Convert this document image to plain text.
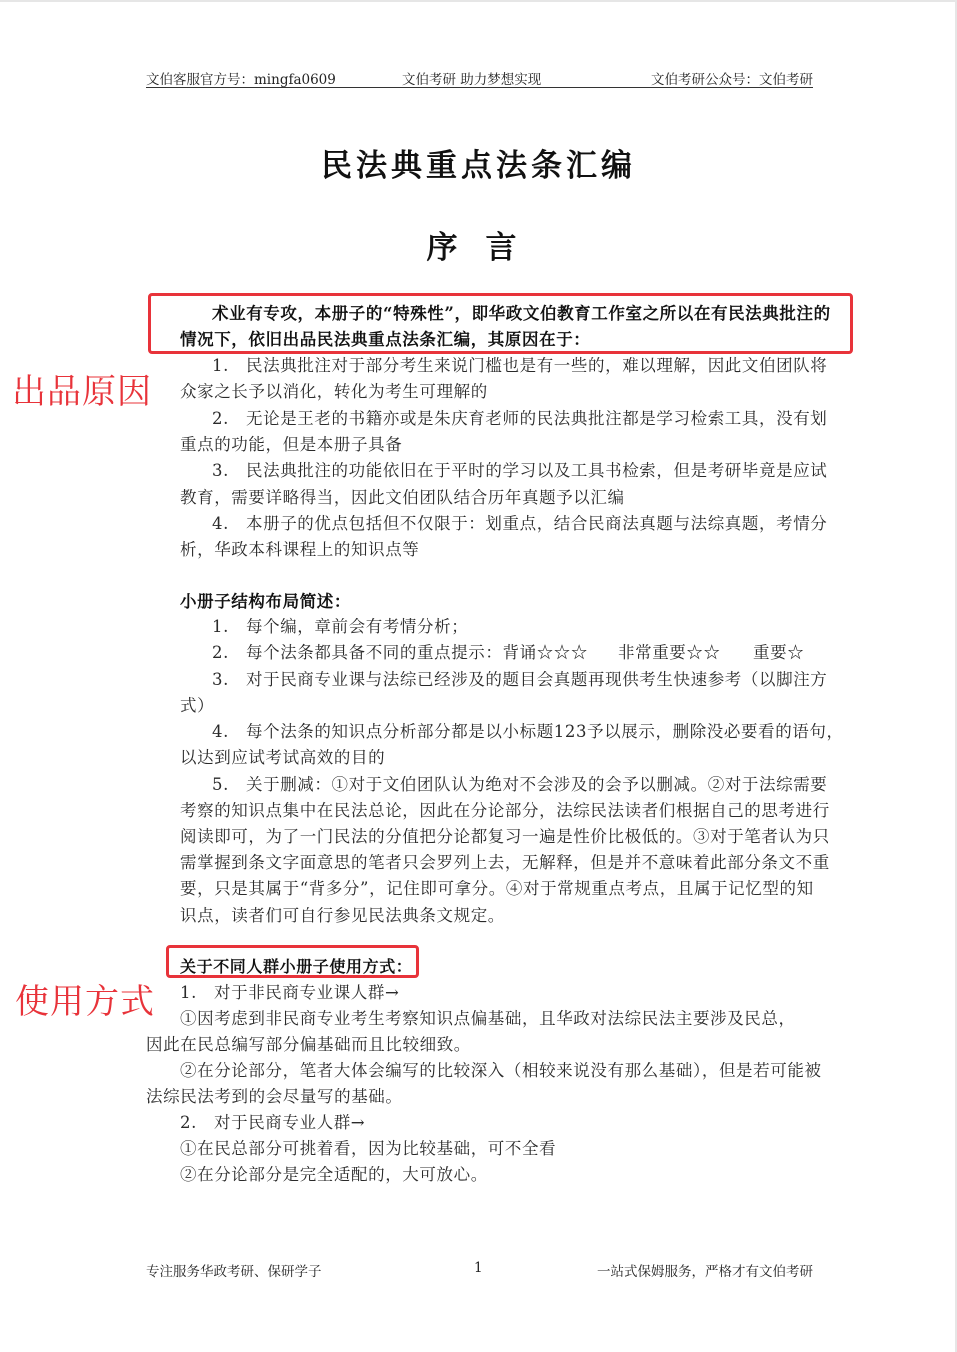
文伯客服官方号：mingfa0609	文伯考研 助力梦想实现	文伯考研公众号：文伯考研
民法典重点法条汇编
序言
术业有专攻，本册子的“特殊性”，即华政文伯教育工作室之所以在有民法典批注的
情况下，依旧出品民法典重点法条汇编，其原因在于：
1. 民法典批注对于部分考生来说门槛也是有一些的，难以理解，因此文伯团队将
众家之长予以消化，转化为考生可理解的
2. 无论是王老的书籍亦或是朱庆育老师的民法典批注都是学习检索工具，没有划
重点的功能，但是本册子具备
3. 民法典批注的功能依旧在于平时的学习以及工具书检索，但是考研毕竟是应试
教育，需要详略得当，因此文伯团队结合历年真题予以汇编
4. 本册子的优点包括但不仅限于：划重点，结合民商法真题与法综真题，考情分
析，华政本科课程上的知识点等
小册子结构布局简述：
1. 每个编，章前会有考情分析；
2. 每个法条都具备不同的重点提示：背诵☆☆☆ 非常重要☆☆ 重要☆
3. 对于民商专业课与法综已经涉及的题目会真题再现供考生快速参考（以脚注方
式）
4. 每个法条的知识点分析部分都是以小标题123予以展示，删除没必要看的语句，
以达到应试考试高效的目的
5. 关于删减：①对于文伯团队认为绝对不会涉及的会予以删减。②对于法综需要
考察的知识点集中在民法总论，因此在分论部分，法综民法读者们根据自己的思考进行
阅读即可，为了一门民法的分值把分论都复习一遍是性价比极低的。③对于笔者认为只
需掌握到条文字面意思的笔者只会罗列上去，无解释，但是并不意味着此部分条文不重
要，只是其属于“背多分”，记住即可拿分。④对于常规重点考点，且属于记忆型的知
识点，读者们可自行参见民法典条文规定。
关于不同人群小册子使用方式：
1. 对于非民商专业课人群→
①因考虑到非民商专业考生考察知识点偏基础，且华政对法综民法主要涉及民总，
因此在民总编写部分偏基础而且比较细致。
②在分论部分，笔者大体会编写的比较深入（相较来说没有那么基础），但是若可能被
法综民法考到的会尽量写的基础。
2. 对于民商专业人群→
①在民总部分可挑着看，因为比较基础，可不全看
②在分论部分是完全适配的，大可放心。
出品原因
使用方式
专注服务华政考研、保研学子	1	一站式保姆服务，严格才有文伯考研
